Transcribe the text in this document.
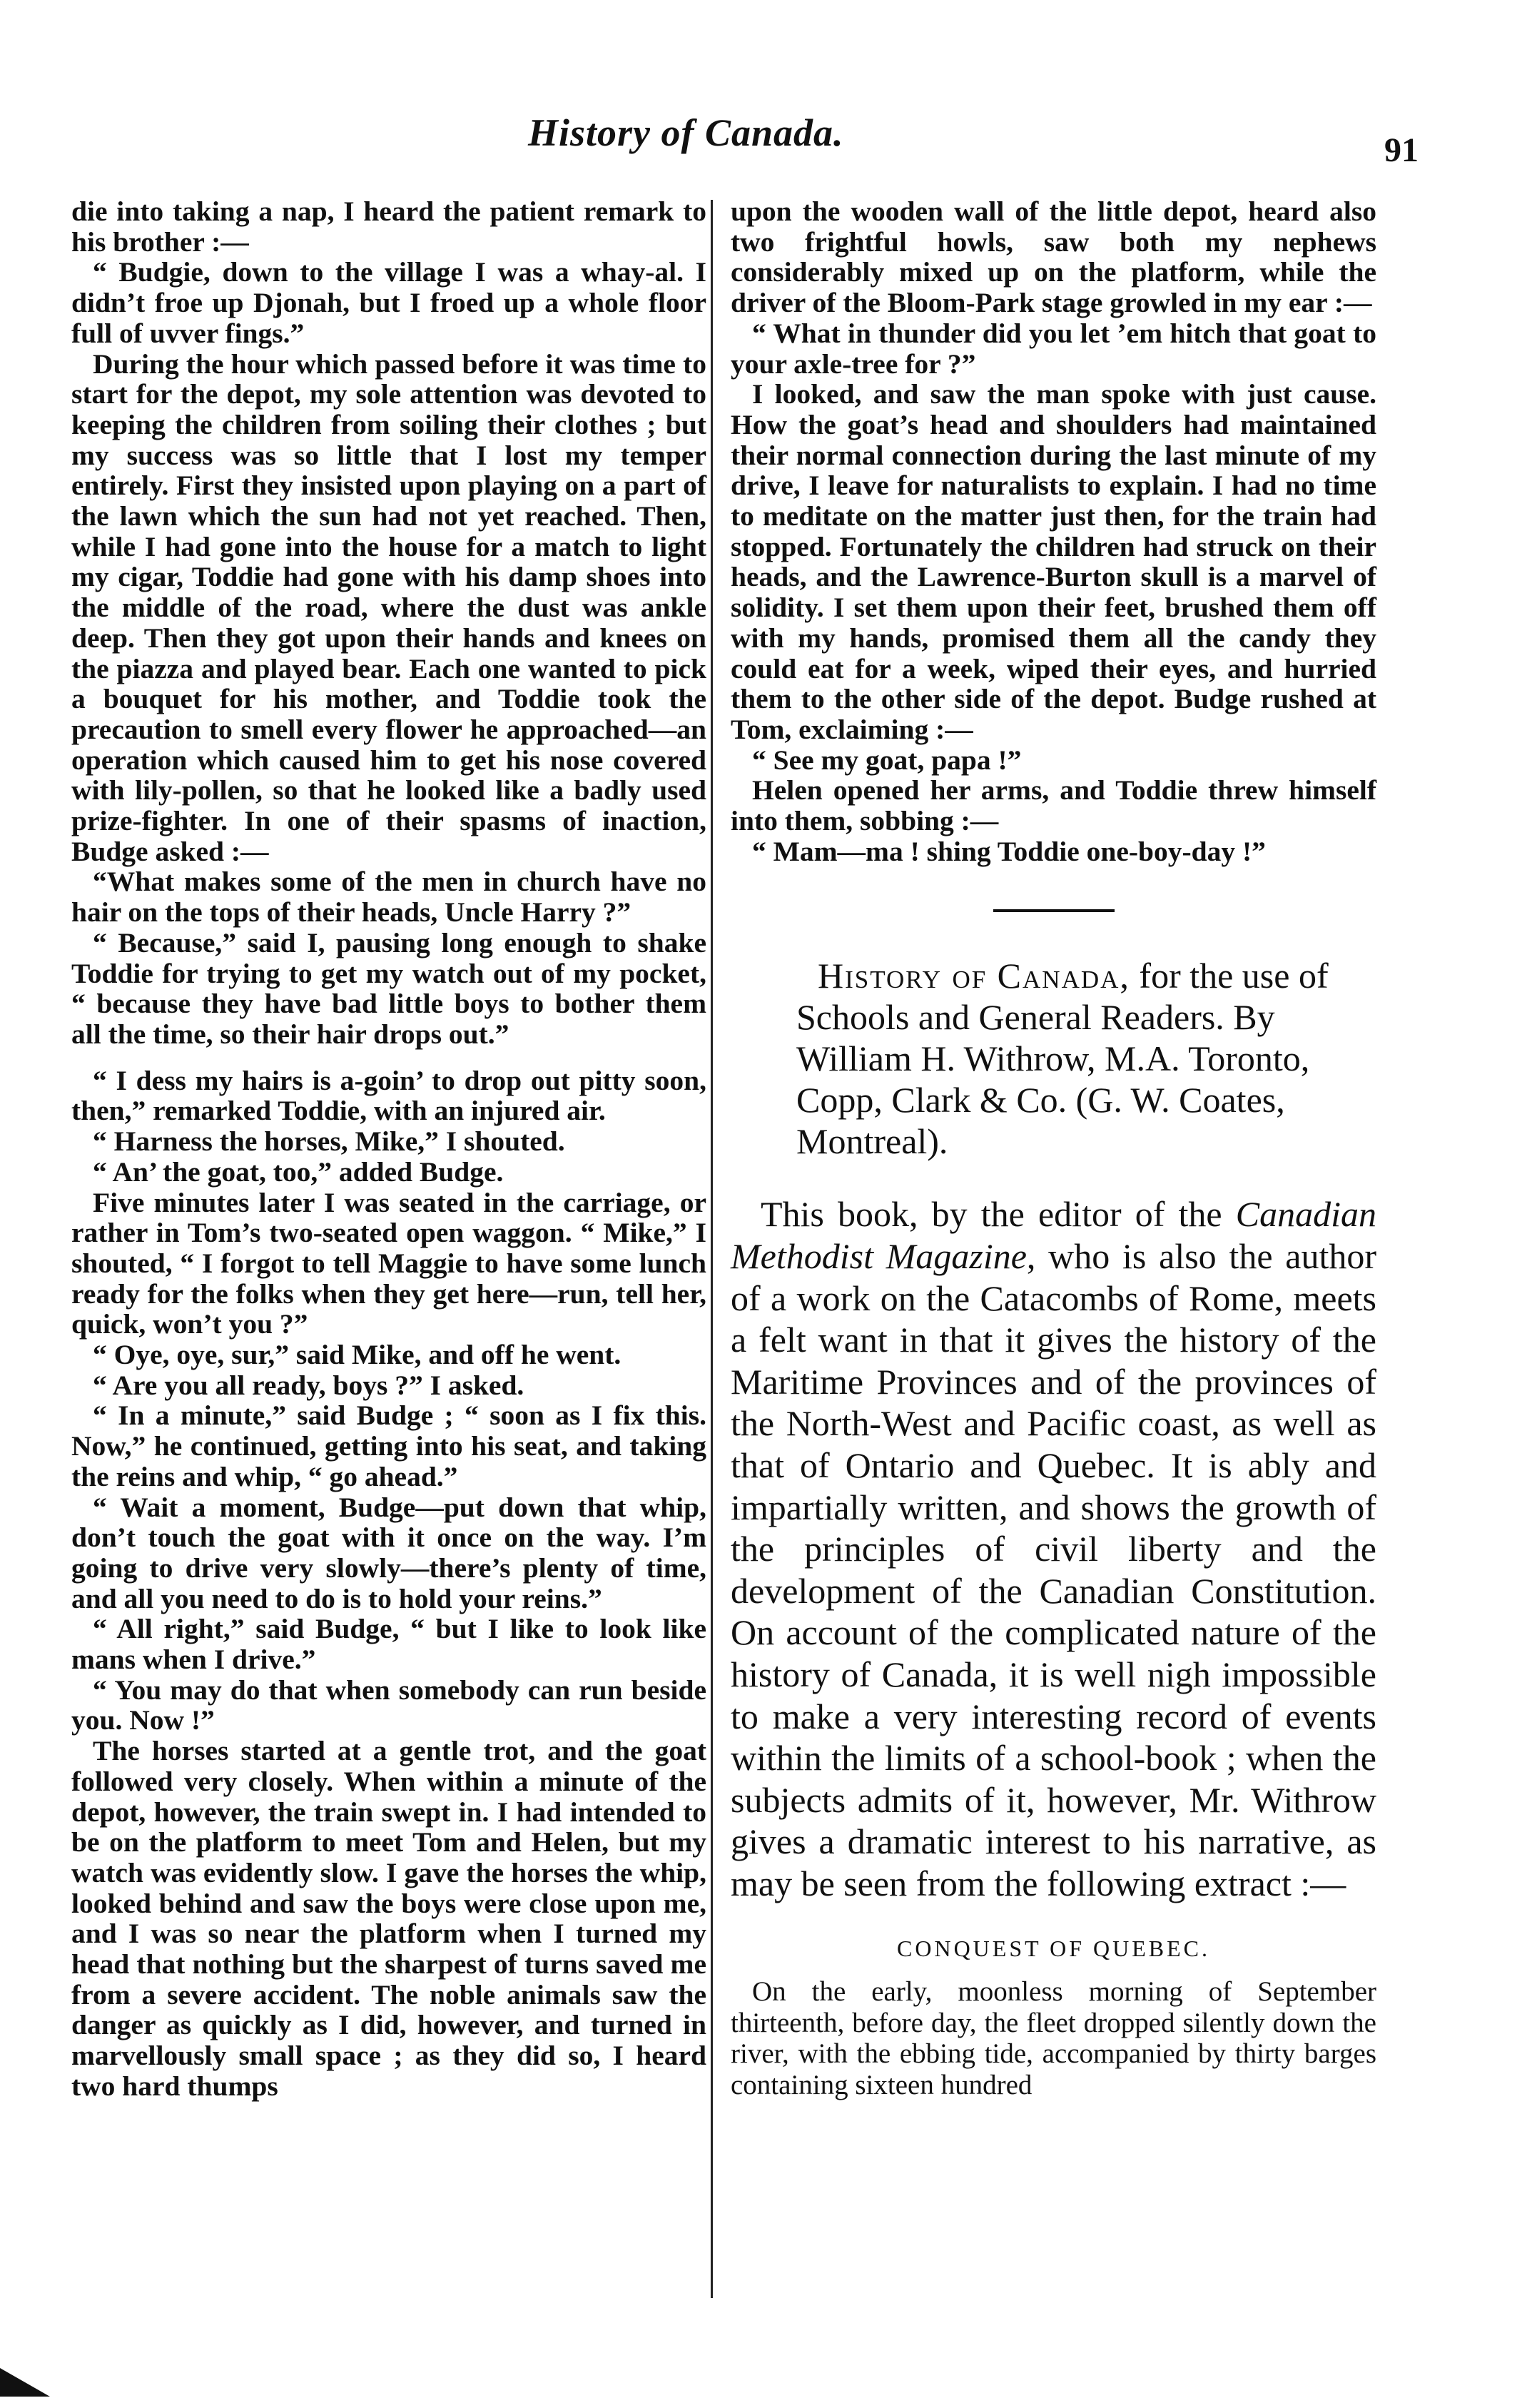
History of Canada.	91

die into taking a nap, I heard the patient remark to his brother :—

“ Budgie, down to the village I was a whay-al. I didn’t froe up Djonah, but I froed up a whole floor full of uvver fings.”

During the hour which passed before it was time to start for the depot, my sole attention was devoted to keeping the children from soiling their clothes ; but my success was so little that I lost my temper entirely. First they insisted upon playing on a part of the lawn which the sun had not yet reached. Then, while I had gone into the house for a match to light my cigar, Toddie had gone with his damp shoes into the middle of the road, where the dust was ankle deep. Then they got upon their hands and knees on the piazza and played bear. Each one wanted to pick a bouquet for his mother, and Toddie took the precaution to smell every flower he approached—an operation which caused him to get his nose covered with lily-pollen, so that he looked like a badly used prize-fighter. In one of their spasms of inaction, Budge asked :—

“What makes some of the men in church have no hair on the tops of their heads, Uncle Harry ?”

“ Because,” said I, pausing long enough to shake Toddie for trying to get my watch out of my pocket, “ because they have bad little boys to bother them all the time, so their hair drops out.”

“ I dess my hairs is a-goin’ to drop out pitty soon, then,” remarked Toddie, with an injured air.

“ Harness the horses, Mike,” I shouted.

“ An’ the goat, too,” added Budge.

Five minutes later I was seated in the carriage, or rather in Tom’s two-seated open waggon. “ Mike,” I shouted, “ I forgot to tell Maggie to have some lunch ready for the folks when they get here—run, tell her, quick, won’t you ?”

“ Oye, oye, sur,” said Mike, and off he went.

“ Are you all ready, boys ?” I asked.

“ In a minute,” said Budge ; “ soon as I fix this. Now,” he continued, getting into his seat, and taking the reins and whip, “ go ahead.”

“ Wait a moment, Budge—put down that whip, don’t touch the goat with it once on the way. I’m going to drive very slowly—there’s plenty of time, and all you need to do is to hold your reins.”

“ All right,” said Budge, “ but I like to look like mans when I drive.”

“ You may do that when somebody can run beside you. Now !”

The horses started at a gentle trot, and the goat followed very closely. When within a minute of the depot, however, the train swept in. I had intended to be on the platform to meet Tom and Helen, but my watch was evidently slow. I gave the horses the whip, looked behind and saw the boys were close upon me, and I was so near the platform when I turned my head that nothing but the sharpest of turns saved me from a severe accident. The noble animals saw the danger as quickly as I did, however, and turned in marvellously small space ; as they did so, I heard two hard thumps

upon the wooden wall of the little depot, heard also two frightful howls, saw both my nephews considerably mixed up on the platform, while the driver of the Bloom-Park stage growled in my ear :—

“ What in thunder did you let ’em hitch that goat to your axle-tree for ?”

I looked, and saw the man spoke with just cause. How the goat’s head and shoulders had maintained their normal connection during the last minute of my drive, I leave for naturalists to explain. I had no time to meditate on the matter just then, for the train had stopped. Fortunately the children had struck on their heads, and the Lawrence-Burton skull is a marvel of solidity. I set them upon their feet, brushed them off with my hands, promised them all the candy they could eat for a week, wiped their eyes, and hurried them to the other side of the depot. Budge rushed at Tom, exclaiming :—

“ See my goat, papa !”

Helen opened her arms, and Toddie threw himself into them, sobbing :—

“ Mam—ma ! shing Toddie one-boy-day !”

History of Canada, for the use of Schools and General Readers. By William H. Withrow, M.A. Toronto, Copp, Clark & Co. (G. W. Coates, Montreal).

This book, by the editor of the Canadian Methodist Magazine, who is also the author of a work on the Catacombs of Rome, meets a felt want in that it gives the history of the Maritime Provinces and of the provinces of the North-West and Pacific coast, as well as that of Ontario and Quebec. It is ably and impartially written, and shows the growth of the principles of civil liberty and the development of the Canadian Constitution. On account of the complicated nature of the history of Canada, it is well nigh impossible to make a very interesting record of events within the limits of a school-book ; when the subjects admits of it, however, Mr. Withrow gives a dramatic interest to his narrative, as may be seen from the following extract :—

CONQUEST OF QUEBEC.

On the early, moonless morning of September thirteenth, before day, the fleet dropped silently down the river, with the ebbing tide, accompanied by thirty barges containing sixteen hundred
